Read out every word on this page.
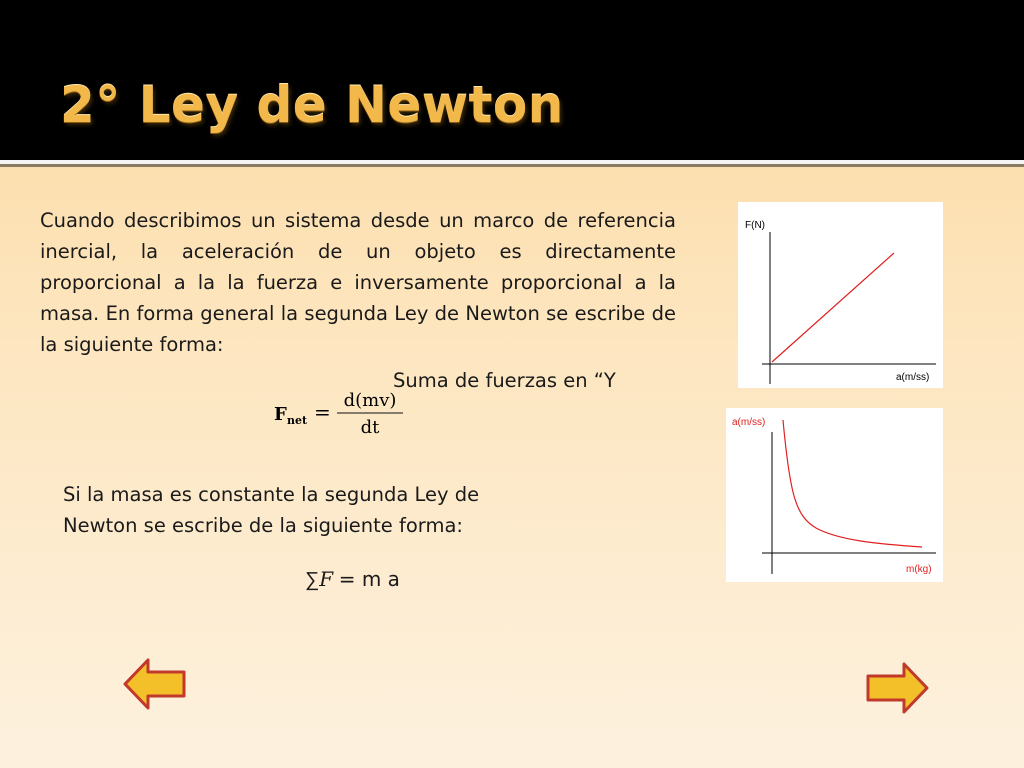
2° Ley de Newton

Cuando describimos un sistema desde un marco de referencia inercial, la aceleración de un objeto es directamente proporcional a la la fuerza e inversamente proporcional a la masa. En forma general la segunda Ley de Newton se escribe de la siguiente forma:

Suma de fuerzas en “Y
F net = d(mv)
dt

Si la masa es constante la segunda Ley de Newton se escribe de la siguiente forma:

∑F = m a
F(N)
a(m/ss)
a(m/ss)
m(kg)
